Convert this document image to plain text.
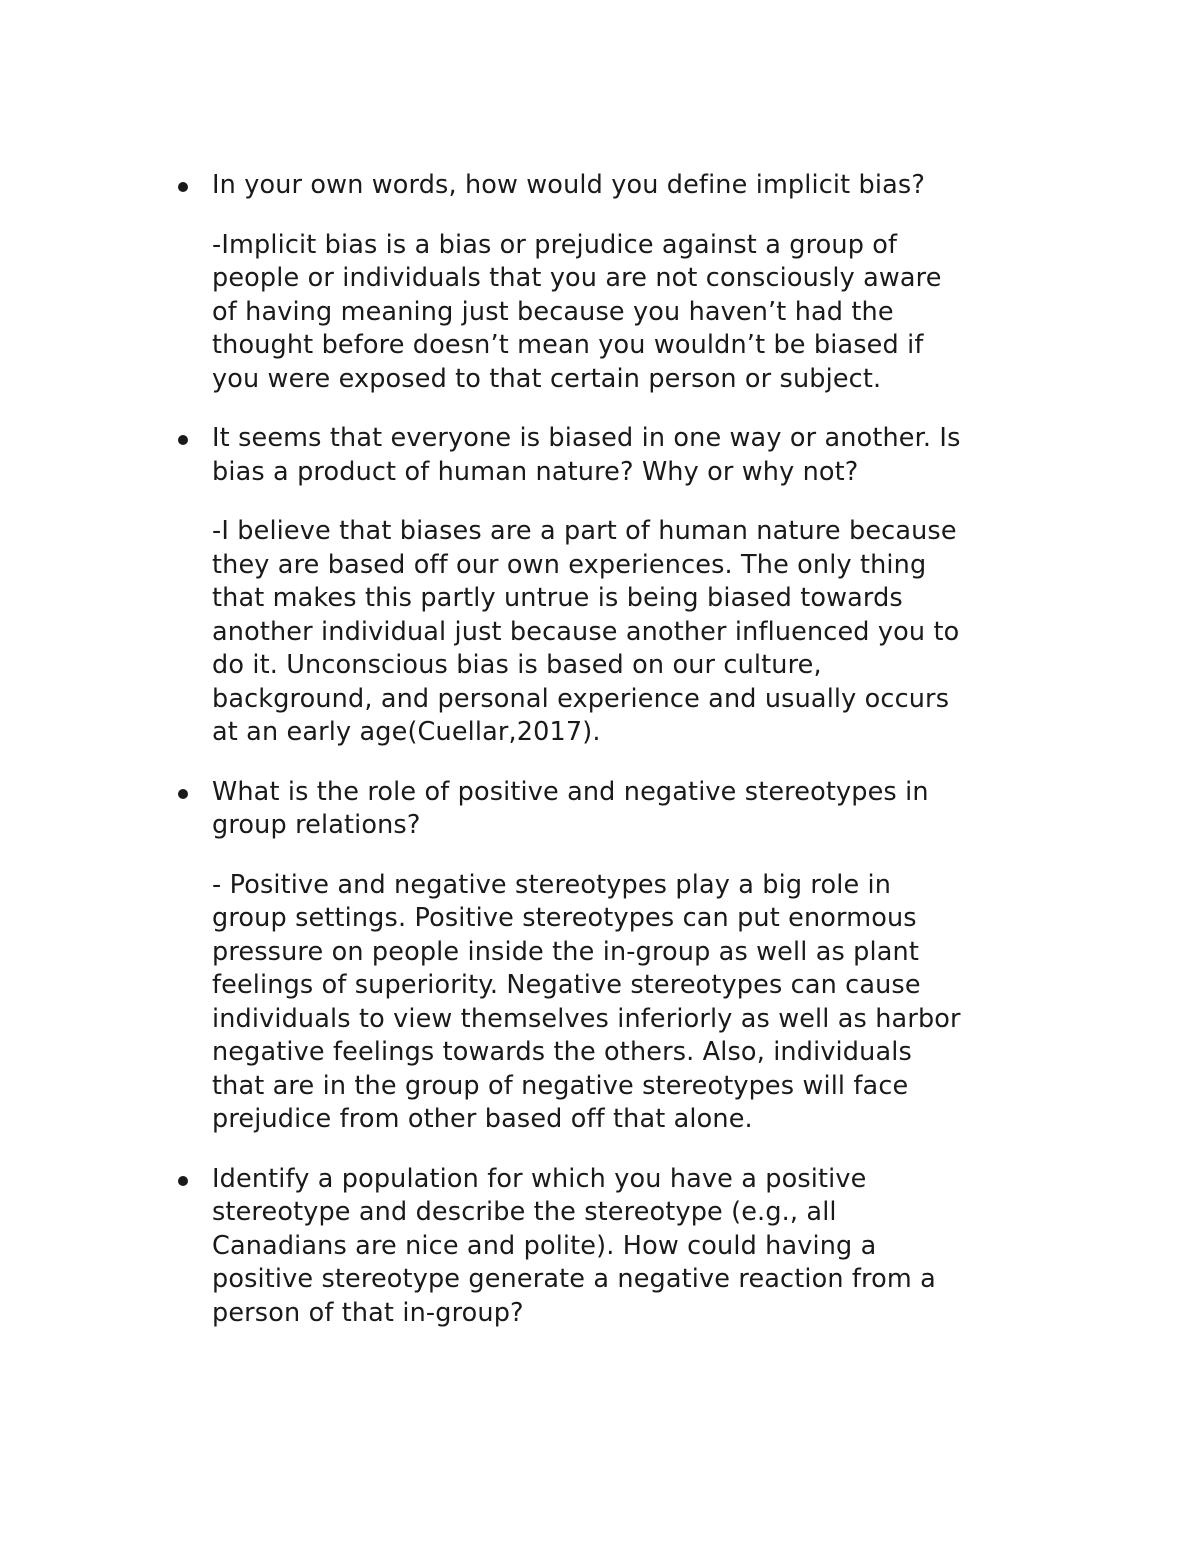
In your own words, how would you define implicit bias?
-Implicit bias is a bias or prejudice against a group of
people or individuals that you are not consciously aware
of having meaning just because you haven’t had the
thought before doesn’t mean you wouldn’t be biased if
you were exposed to that certain person or subject.
It seems that everyone is biased in one way or another. Is
bias a product of human nature? Why or why not?
-I believe that biases are a part of human nature because
they are based off our own experiences. The only thing
that makes this partly untrue is being biased towards
another individual just because another influenced you to
do it. Unconscious bias is based on our culture,
background, and personal experience and usually occurs
at an early age(Cuellar,2017).
What is the role of positive and negative stereotypes in
group relations?
- Positive and negative stereotypes play a big role in
group settings. Positive stereotypes can put enormous
pressure on people inside the in-group as well as plant
feelings of superiority. Negative stereotypes can cause
individuals to view themselves inferiorly as well as harbor
negative feelings towards the others. Also, individuals
that are in the group of negative stereotypes will face
prejudice from other based off that alone.
Identify a population for which you have a positive
stereotype and describe the stereotype (e.g., all
Canadians are nice and polite). How could having a
positive stereotype generate a negative reaction from a
person of that in-group?
